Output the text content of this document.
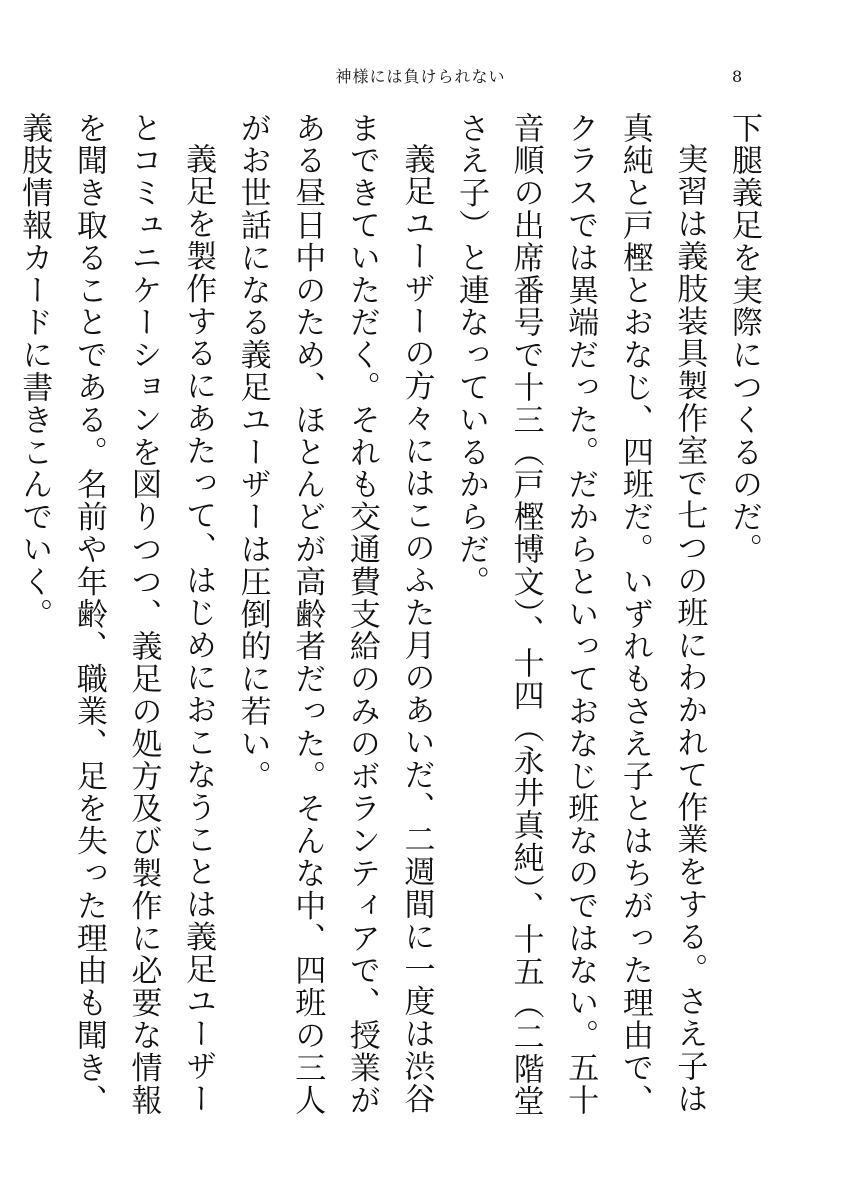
神様には負けられない	8

下腿義足を実際につくるのだ。

実習は義肢装具製作室で七つの班にわかれて作業をする。さえ子は真純と戸樫とおなじ、四班だ。いずれもさえ子とはちがった理由で、クラスでは異端だった。だからといっておなじ班なのではない。五十音順の出席番号で十三（戸樫博文）、十四（永井真純）、十五（二階堂さえ子）と連なっているからだ。

義足ユーザーの方々にはこのふた月のあいだ、二週間に一度は渋谷まできていただく。それも交通費支給のみのボランティアで、授業がある昼日中のため、ほとんどが高齢者だった。そんな中、四班の三人がお世話になる義足ユーザーは圧倒的に若い。

義足を製作するにあたって、はじめにおこなうことは義足ユーザーとコミュニケーションを図りつつ、義足の処方及び製作に必要な情報を聞き取ることである。名前や年齢、職業、足を失った理由も聞き、義肢情報カードに書きこんでいく。
